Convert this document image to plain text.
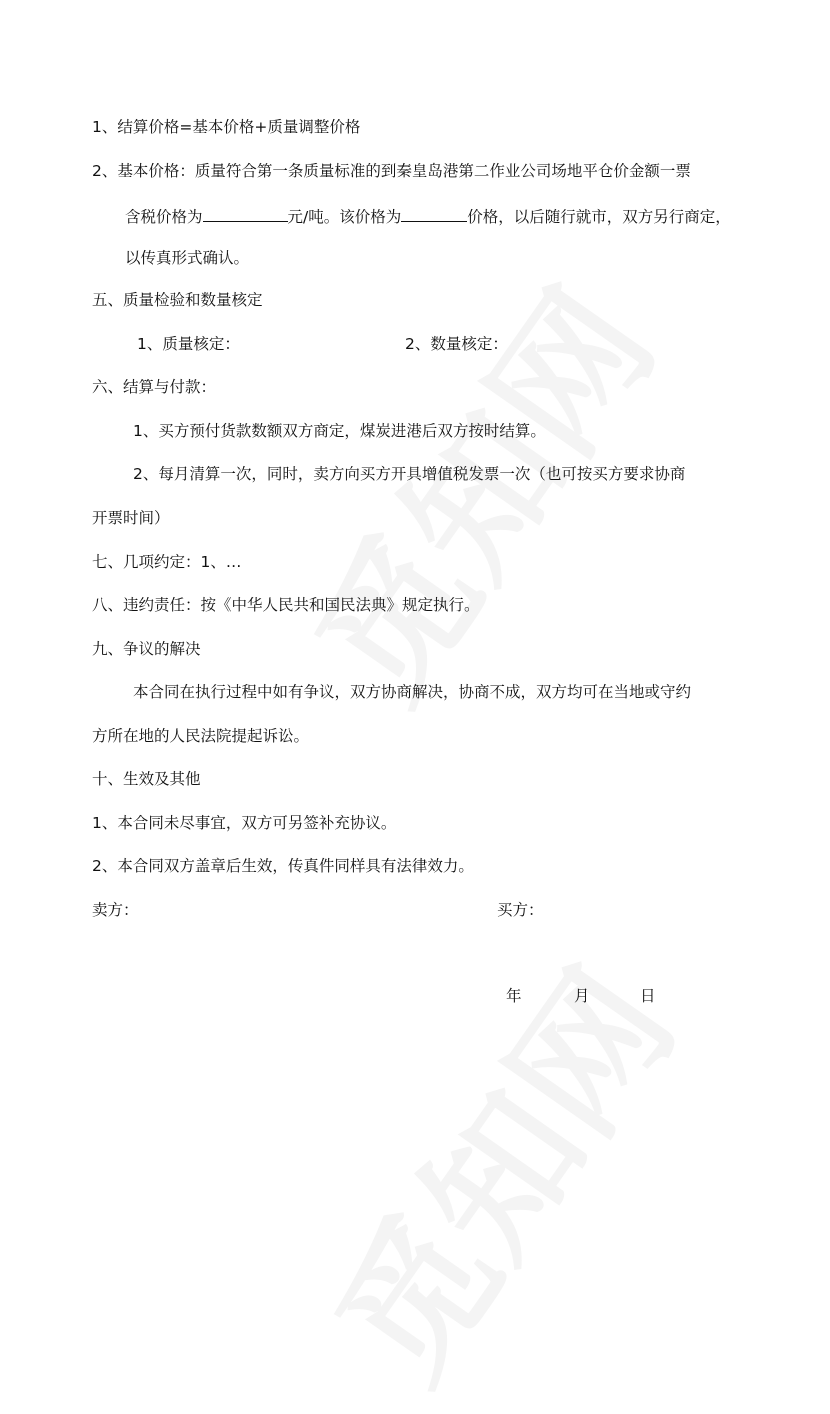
1、结算价格=基本价格+质量调整价格
2、基本价格：质量符合第一条质量标准的到秦皇岛港第二作业公司场地平仓价金额一票
含税价格为	元/吨。该价格为	价格，以后随行就市，双方另行商定，
以传真形式确认。
五、质量检验和数量核定
1、质量核定：	2、数量核定：
六、结算与付款：
1、买方预付货款数额双方商定，煤炭进港后双方按时结算。
2、每月清算一次，同时，卖方向买方开具增值税发票一次（也可按买方要求协商
开票时间）
七、几项约定：1、…
八、违约责任：按《中华人民共和国民法典》规定执行。
九、争议的解决
本合同在执行过程中如有争议，双方协商解决，协商不成，双方均可在当地或守约
方所在地的人民法院提起诉讼。
十、生效及其他
1、本合同未尽事宜，双方可另签补充协议。
2、本合同双方盖章后生效，传真件同样具有法律效力。
卖方：	买方：
年	月	日
